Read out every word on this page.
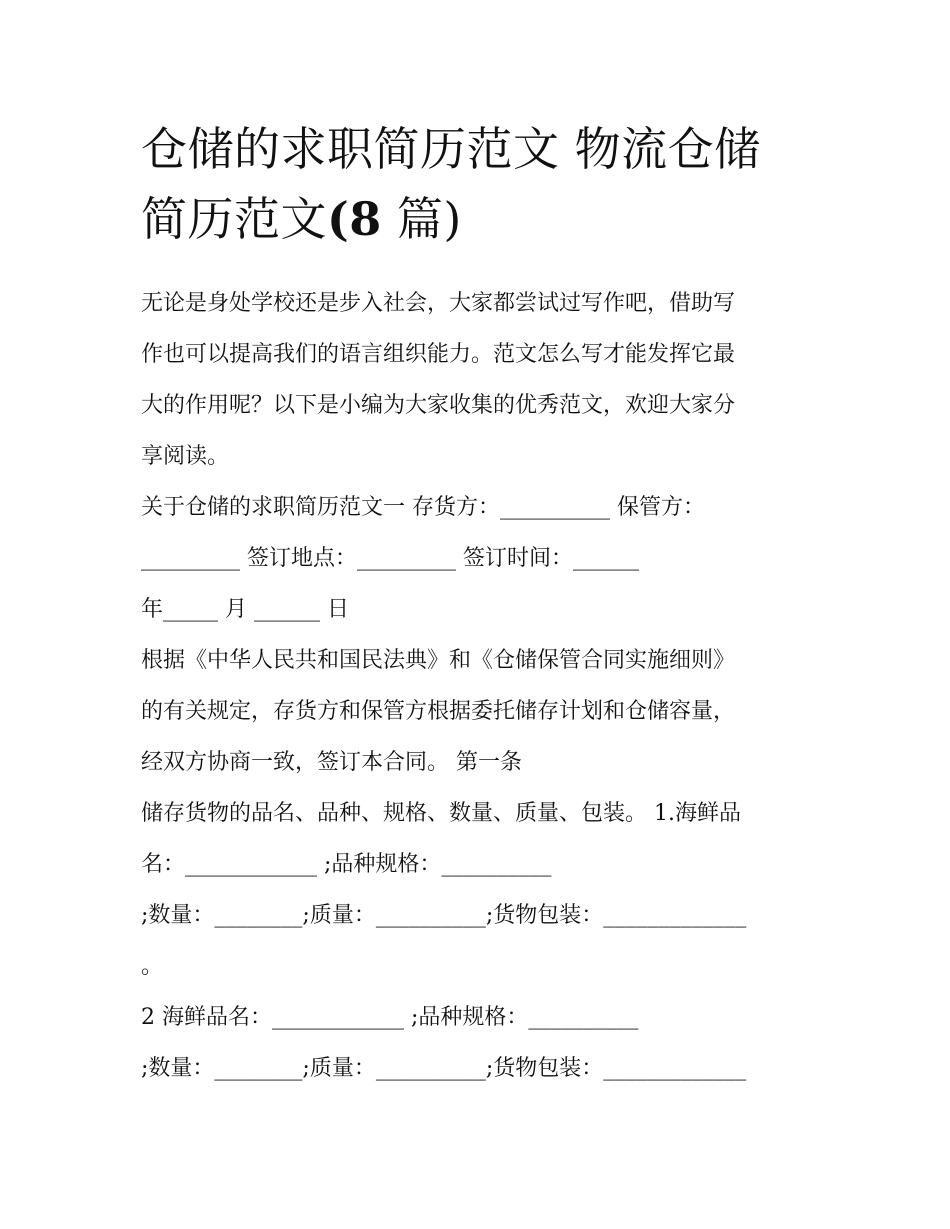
仓储的求职简历范文 物流仓储
简历范文(8 篇)

无论是身处学校还是步入社会，大家都尝试过写作吧，借助写
作也可以提高我们的语言组织能力。范文怎么写才能发挥它最
大的作用呢？以下是小编为大家收集的优秀范文，欢迎大家分
享阅读。

关于仓储的求职简历范文一 存货方：__________ 保管方：
_________ 签订地点：_________ 签订时间：______
年_____ 月 ______ 日

根据《中华人民共和国民法典》和《仓储保管合同实施细则》
的有关规定，存货方和保管方根据委托储存计划和仓储容量，
经双方协商一致，签订本合同。 第一条

储存货物的品名、品种、规格、数量、质量、包装。 1.海鲜品
名：____________ ;品种规格：__________
;数量：________;质量：__________;货物包装：_____________
。
2 海鲜品名：____________ ;品种规格：__________
;数量：________;质量：__________;货物包装：_____________
